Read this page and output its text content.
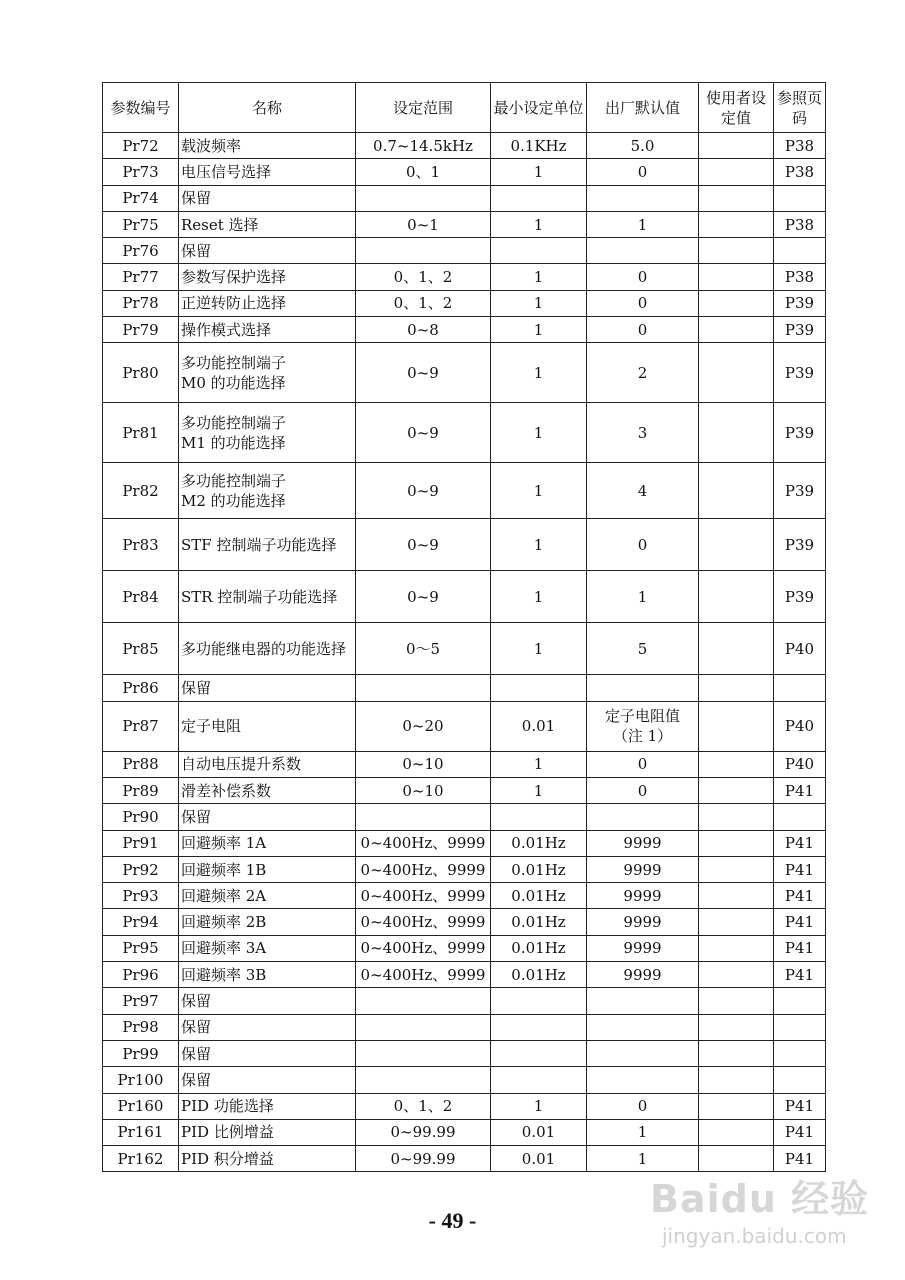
参数编号	名称	设定范围	最小设定单位	出厂默认值	使用者设定值	参照页码
Pr72	载波频率	0.7~14.5kHz	0.1KHz	5.0		P38
Pr73	电压信号选择	0、1	1	0		P38
Pr74	保留					
Pr75	Reset 选择	0~1	1	1		P38
Pr76	保留					
Pr77	参数写保护选择	0、1、2	1	0		P38
Pr78	正逆转防止选择	0、1、2	1	0		P39
Pr79	操作模式选择	0~8	1	0		P39
Pr80	多功能控制端子
M0 的功能选择	0~9	1	2		P39
Pr81	多功能控制端子
M1 的功能选择	0~9	1	3		P39
Pr82	多功能控制端子
M2 的功能选择	0~9	1	4		P39
Pr83	STF 控制端子功能选择	0~9	1	0		P39
Pr84	STR 控制端子功能选择	0~9	1	1		P39
Pr85	多功能继电器的功能选择	0～5	1	5		P40
Pr86	保留					
Pr87	定子电阻	0~20	0.01	定子电阻值
（注 1）		P40
Pr88	自动电压提升系数	0~10	1	0		P40
Pr89	滑差补偿系数	0~10	1	0		P41
Pr90	保留					
Pr91	回避频率 1A	0~400Hz、9999	0.01Hz	9999		P41
Pr92	回避频率 1B	0~400Hz、9999	0.01Hz	9999		P41
Pr93	回避频率 2A	0~400Hz、9999	0.01Hz	9999		P41
Pr94	回避频率 2B	0~400Hz、9999	0.01Hz	9999		P41
Pr95	回避频率 3A	0~400Hz、9999	0.01Hz	9999		P41
Pr96	回避频率 3B	0~400Hz、9999	0.01Hz	9999		P41
Pr97	保留					
Pr98	保留					
Pr99	保留					
Pr100	保留					
Pr160	PID 功能选择	0、1、2	1	0		P41
Pr161	PID 比例增益	0~99.99	0.01	1		P41
Pr162	PID 积分增益	0~99.99	0.01	1		P41
- 49 -	Baidu 经验
jingyan.baidu.com
